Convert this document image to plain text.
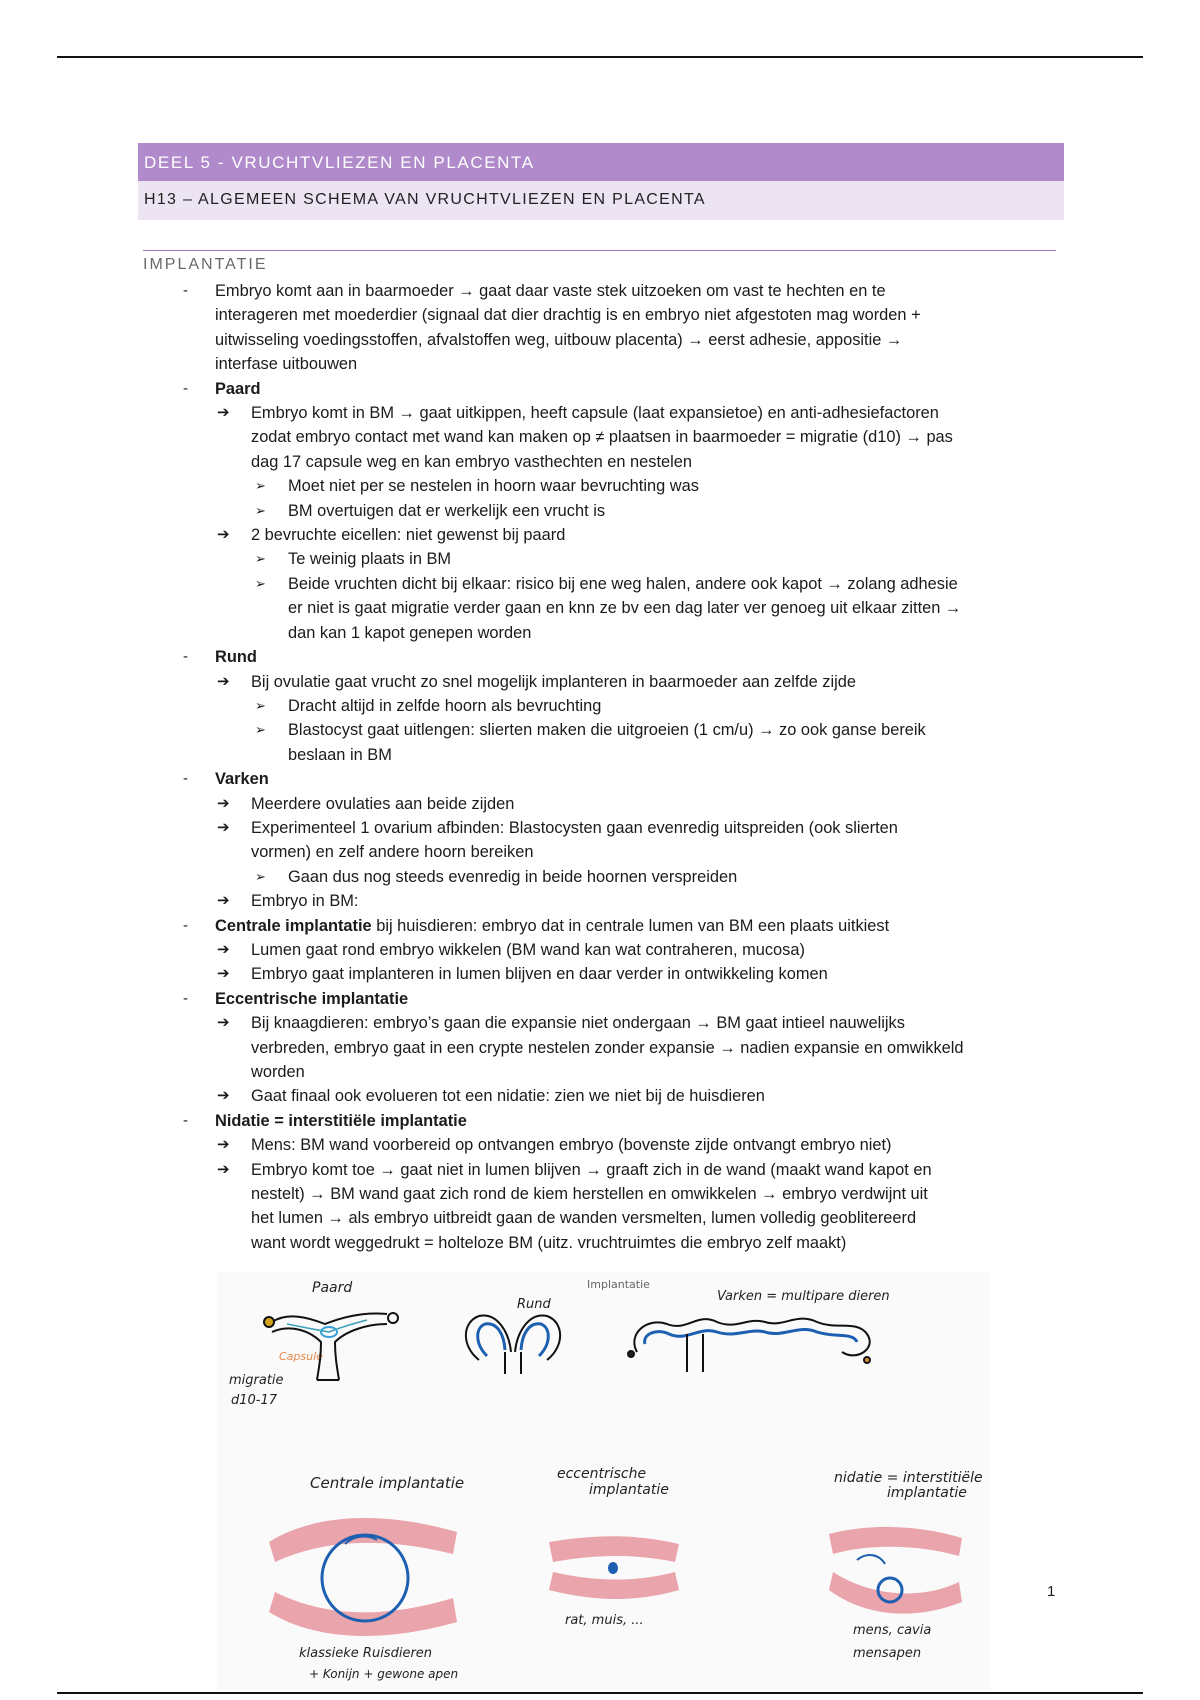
DEEL 5 - VRUCHTVLIEZEN EN PLACENTA
H13 – ALGEMEEN SCHEMA VAN VRUCHTVLIEZEN EN PLACENTA
IMPLANTATIE
- Embryo komt aan in baarmoeder → gaat daar vaste stek uitzoeken om vast te hechten en te
interageren met moederdier (signaal dat dier drachtig is en embryo niet afgestoten mag worden +
uitwisseling voedingsstoffen, afvalstoffen weg, uitbouw placenta) → eerst adhesie, appositie →
interfase uitbouwen
- Paard
➔ Embryo komt in BM → gaat uitkippen, heeft capsule (laat expansietoe) en anti-adhesiefactoren
zodat embryo contact met wand kan maken op ≠ plaatsen in baarmoeder = migratie (d10) → pas
dag 17 capsule weg en kan embryo vasthechten en nestelen
➢ Moet niet per se nestelen in hoorn waar bevruchting was
➢ BM overtuigen dat er werkelijk een vrucht is
➔ 2 bevruchte eicellen: niet gewenst bij paard
➢ Te weinig plaats in BM
➢ Beide vruchten dicht bij elkaar: risico bij ene weg halen, andere ook kapot → zolang adhesie
er niet is gaat migratie verder gaan en knn ze bv een dag later ver genoeg uit elkaar zitten →
dan kan 1 kapot genepen worden
- Rund
➔ Bij ovulatie gaat vrucht zo snel mogelijk implanteren in baarmoeder aan zelfde zijde
➢ Dracht altijd in zelfde hoorn als bevruchting
➢ Blastocyst gaat uitlengen: slierten maken die uitgroeien (1 cm/u) → zo ook ganse bereik
beslaan in BM
- Varken
➔ Meerdere ovulaties aan beide zijden
➔ Experimenteel 1 ovarium afbinden: Blastocysten gaan evenredig uitspreiden (ook slierten
vormen) en zelf andere hoorn bereiken
➢ Gaan dus nog steeds evenredig in beide hoornen verspreiden
➔ Embryo in BM:
- Centrale implantatie bij huisdieren: embryo dat in centrale lumen van BM een plaats uitkiest
➔ Lumen gaat rond embryo wikkelen (BM wand kan wat contraheren, mucosa)
➔ Embryo gaat implanteren in lumen blijven en daar verder in ontwikkeling komen
- Eccentrische implantatie
➔ Bij knaagdieren: embryo’s gaan die expansie niet ondergaan → BM gaat intieel nauwelijks
verbreden, embryo gaat in een crypte nestelen zonder expansie → nadien expansie en omwikkeld
worden
➔ Gaat finaal ook evolueren tot een nidatie: zien we niet bij de huisdieren
- Nidatie = interstitiële implantatie
➔ Mens: BM wand voorbereid op ontvangen embryo (bovenste zijde ontvangt embryo niet)
➔ Embryo komt toe → gaat niet in lumen blijven → graaft zich in de wand (maakt wand kapot en
nestelt) → BM wand gaat zich rond de kiem herstellen en omwikkelen → embryo verdwijnt uit
het lumen → als embryo uitbreidt gaan de wanden versmelten, lumen volledig geoblitereerd
want wordt weggedrukt = holteloze BM (uitz. vruchtruimtes die embryo zelf maakt)
Implantatie
Paard
Capsule
migratie
d10-17
Rund
Varken = multipare dieren
Centrale implantatie	eccentrische
implantatie
nidatie = interstitiële
implantatie
klassieke Ruisdieren
+ Konijn + gewone apen
rat, muis, ...
mens, cavia
mensapen
1
